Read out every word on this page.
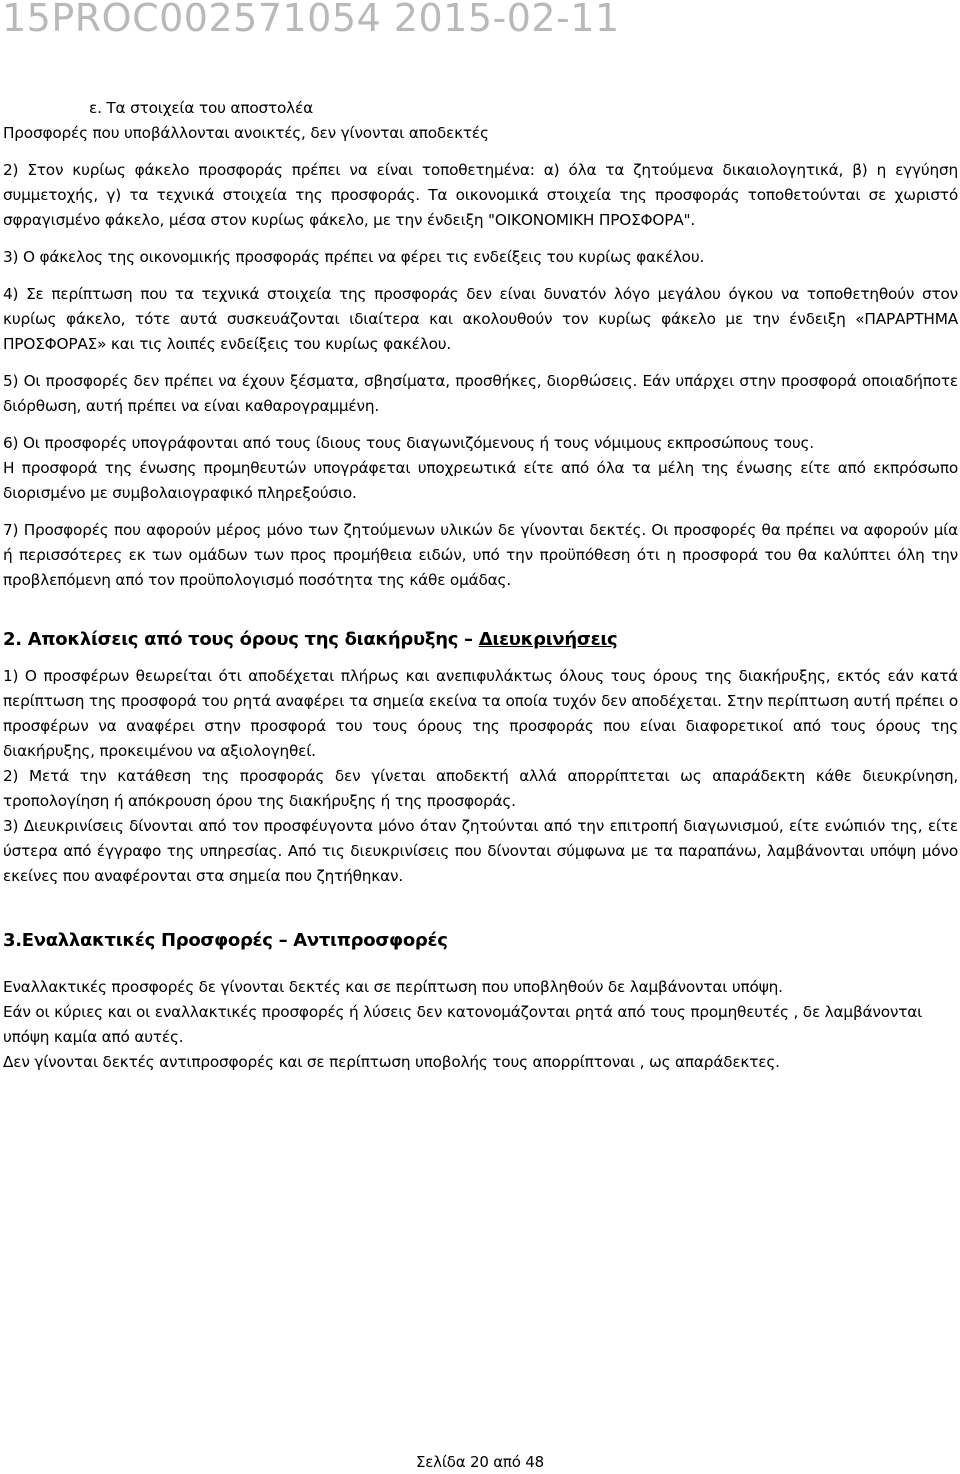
15PROC002571054 2015-02-11

ε. Τα στοιχεία του αποστολέα

Προσφορές που υποβάλλονται ανοικτές, δεν γίνονται αποδεκτές

2) Στον κυρίως φάκελο προσφοράς πρέπει να είναι τοποθετημένα: α) όλα τα ζητούμενα δικαιολογητικά, β) η εγγύηση συμμετοχής, γ) τα τεχνικά στοιχεία της προσφοράς. Τα οικονομικά στοιχεία της προσφοράς τοποθετούνται σε χωριστό σφραγισμένο φάκελο, μέσα στον κυρίως φάκελο, με την ένδειξη "ΟΙΚΟΝΟΜΙΚΗ ΠΡΟΣΦΟΡΑ".

3) Ο φάκελος της οικονομικής προσφοράς πρέπει να φέρει τις ενδείξεις του κυρίως φακέλου.

4) Σε περίπτωση που τα τεχνικά στοιχεία της προσφοράς δεν είναι δυνατόν λόγο μεγάλου όγκου να τοποθετηθούν στον κυρίως φάκελο, τότε αυτά συσκευάζονται ιδιαίτερα και ακολουθούν τον κυρίως φάκελο με την ένδειξη «ΠΑΡΑΡΤΗΜΑ ΠΡΟΣΦΟΡΑΣ» και τις λοιπές ενδείξεις του κυρίως φακέλου.

5) Οι προσφορές δεν πρέπει να έχουν ξέσματα, σβησίματα, προσθήκες, διορθώσεις. Εάν υπάρχει στην προσφορά οποιαδήποτε διόρθωση, αυτή πρέπει να είναι καθαρογραμμένη.

6) Οι προσφορές υπογράφονται από τους ίδιους τους διαγωνιζόμενους ή τους νόμιμους εκπροσώπους τους.

Η προσφορά της ένωσης προμηθευτών υπογράφεται υποχρεωτικά είτε από όλα τα μέλη της ένωσης είτε από εκπρόσωπο διορισμένο με συμβολαιογραφικό πληρεξούσιο.

7) Προσφορές που αφορούν μέρος μόνο των ζητούμενων υλικών δε γίνονται δεκτές. Οι προσφορές θα πρέπει να αφορούν μία ή περισσότερες εκ των ομάδων των προς προμήθεια ειδών, υπό την προϋπόθεση ότι η προσφορά του θα καλύπτει όλη την προβλεπόμενη από τον προϋπολογισμό ποσότητα της κάθε ομάδας.

2. Αποκλίσεις από τους όρους της διακήρυξης – Διευκρινήσεις

1) Ο προσφέρων θεωρείται ότι αποδέχεται πλήρως και ανεπιφυλάκτως όλους τους όρους της διακήρυξης, εκτός εάν κατά περίπτωση της προσφορά του ρητά αναφέρει τα σημεία εκείνα τα οποία τυχόν δεν αποδέχεται. Στην περίπτωση αυτή πρέπει ο προσφέρων να αναφέρει στην προσφορά του τους όρους της προσφοράς που είναι διαφορετικοί από τους όρους της διακήρυξης, προκειμένου να αξιολογηθεί.

2) Μετά την κατάθεση της προσφοράς δεν γίνεται αποδεκτή αλλά απορρίπτεται ως απαράδεκτη κάθε διευκρίνηση, τροπολογίηση ή απόκρουση όρου της διακήρυξης ή της προσφοράς.

3) Διευκρινίσεις δίνονται από τον προσφέυγοντα μόνο όταν ζητούνται από την επιτροπή διαγωνισμού, είτε ενώπιόν της, είτε ύστερα από έγγραφο της υπηρεσίας. Από τις διευκρινίσεις που δίνονται σύμφωνα με τα παραπάνω, λαμβάνονται υπόψη μόνο εκείνες που αναφέρονται στα σημεία που ζητήθηκαν.

3.Εναλλακτικές Προσφορές – Αντιπροσφορές

Εναλλακτικές προσφορές δε γίνονται δεκτές και σε περίπτωση που υποβληθούν δε λαμβάνονται υπόψη.

Εάν οι κύριες και οι εναλλακτικές προσφορές ή λύσεις δεν κατονομάζονται ρητά από τους προμηθευτές , δε λαμβάνονται υπόψη καμία από αυτές.

Δεν γίνονται δεκτές αντιπροσφορές και σε περίπτωση υποβολής τους απορρίπτοναι , ως απαράδεκτες.

Σελίδα 20 από 48
